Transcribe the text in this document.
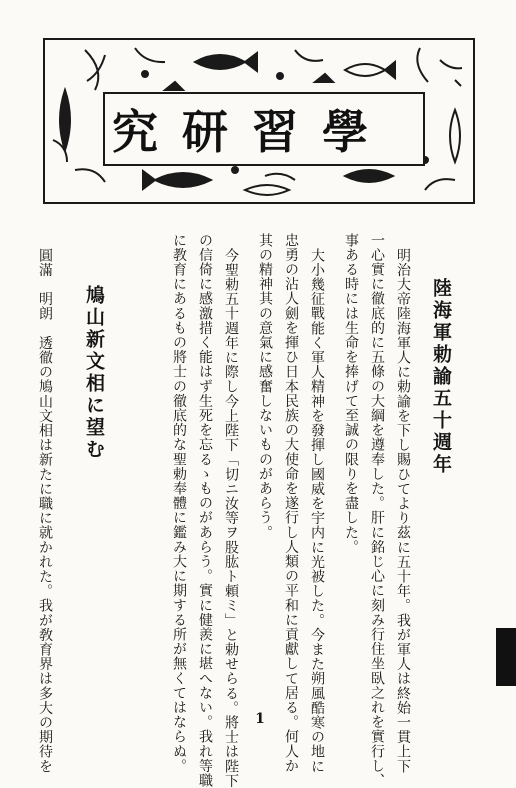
學習研究
陸海軍勅諭五十週年
明治大帝陸海軍人に勅諭を下し賜ひてより茲に五十年。我が軍人は終始一貫上下
一心實に徹底的に五條の大綱を遵奉した。肝に銘じ心に刻み行住坐臥之れを實行し、
事ある時には生命を捧げて至誠の限りを盡した。
大小幾征戰能く軍人精神を發揮し國威を宇内に光被した。今また朔風酷寒の地に
忠勇の沾人劍を揮ひ日本民族の大使命を遂行し人類の平和に貢獻して居る。何人か
其の精神其の意氣に感奮しないものがあらう。
今聖勅五十週年に際し今上陛下「切ニ汝等ヲ股肱ト頼ミ」と勅せらる。將士は陛下
の信倚に感激措く能はず生死を忘るゝものがあらう。實に健羨に堪へない。我れ等職
に教育にあるもの將士の徹底的な聖勅奉體に鑑み大に期する所が無くてはならぬ。
鳩山新文相に望む
圓滿　明朗　透徹の鳩山文相は新たに職に就かれた。我が敎育界は多大の期待を	1
